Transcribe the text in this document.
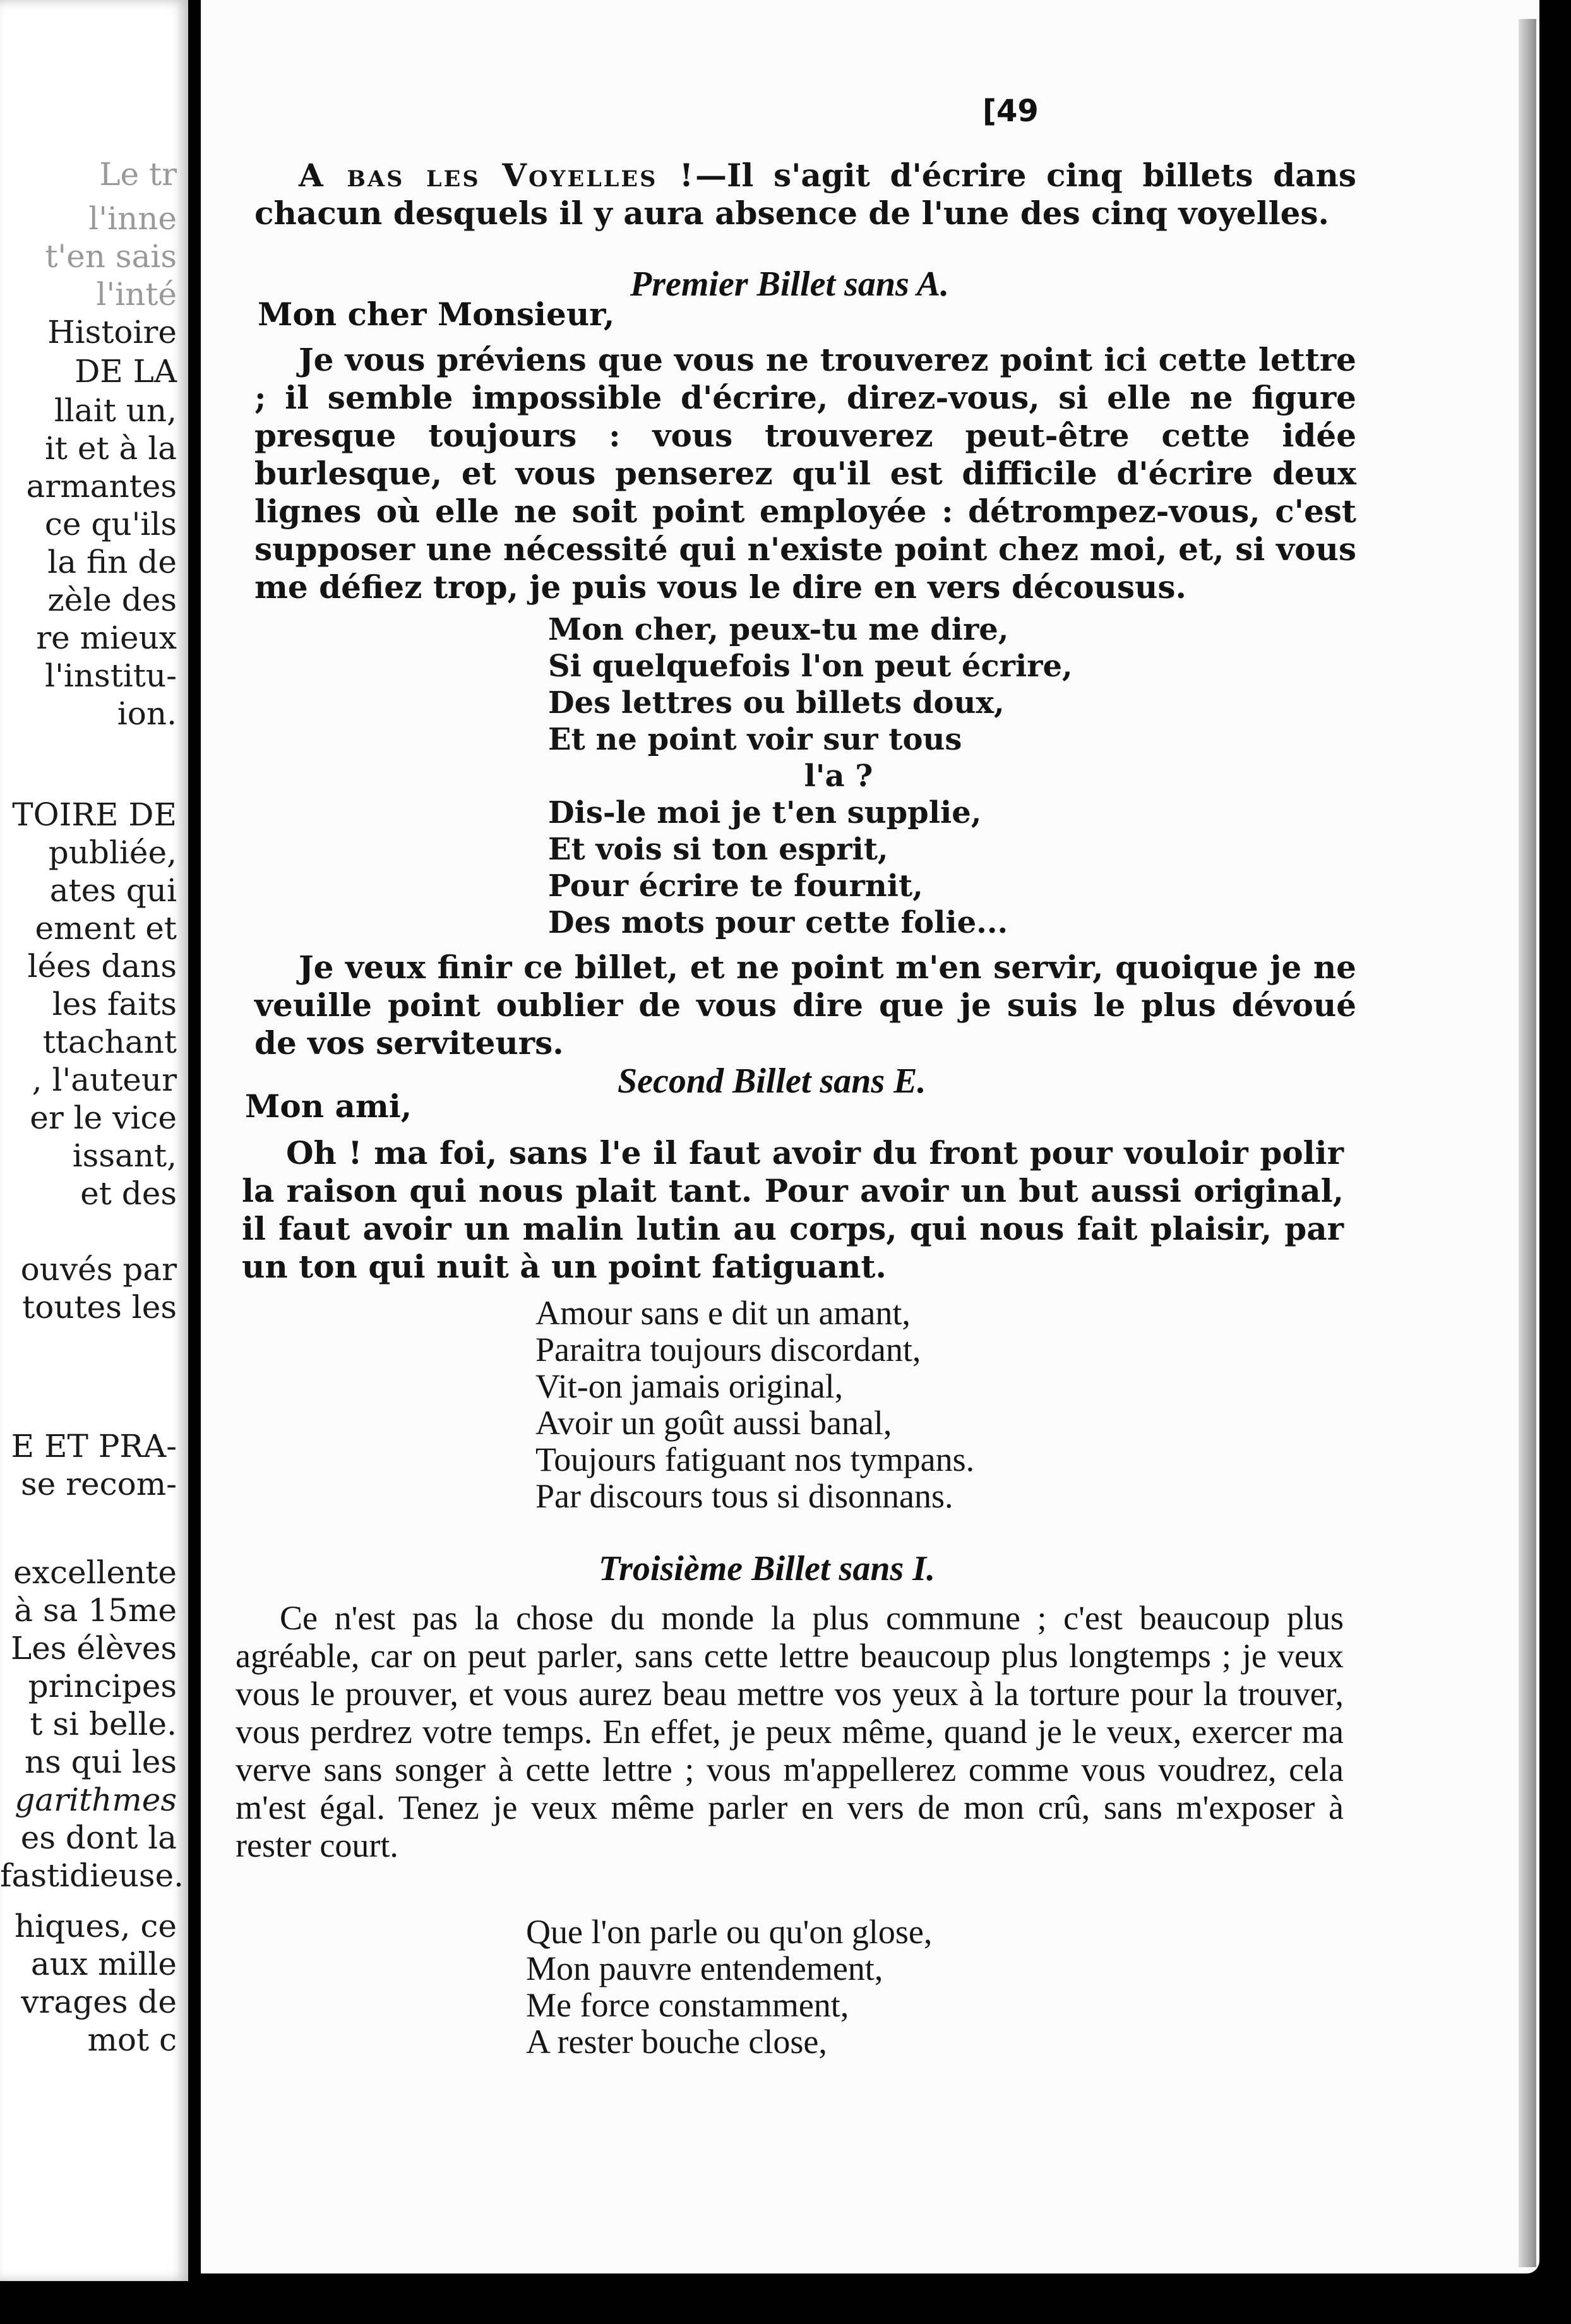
Le tr
l'inne
t'en sais
l'inté
Histoire
DE LA
llait un,
it et à la
armantes
ce qu'ils
la fin de
zèle des
re mieux
l'institu-
ion.
TOIRE DE
publiée,
ates qui
ement et
lées dans
les faits
ttachant
, l'auteur
er le vice
issant,
et des
ouvés par
toutes les
E ET PRA-
se recom-
excellente
à sa 15me
Les élèves
principes
t si belle.
ns qui les
garithmes
es dont la
fastidieuse.
hiques, ce
aux mille
vrages de
mot c
[49

A bas les Voyelles !—Il s'agit d'écrire cinq billets dans chacun desquels il y aura absence de l'une des cinq voyelles.

Premier Billet sans A.
Mon cher Monsieur,

Je vous préviens que vous ne trouverez point ici cette lettre ; il semble impossible d'écrire, direz-vous, si elle ne figure presque toujours : vous trouverez peut-être cette idée burlesque, et vous penserez qu'il est difficile d'écrire deux lignes où elle ne soit point employée : détrompez-vous, c'est supposer une nécessité qui n'existe point chez moi, et, si vous me défiez trop, je puis vous le dire en vers décousus.

Mon cher, peux-tu me dire,
Si quelquefois l'on peut écrire,
Des lettres ou billets doux,
Et ne point voir sur tous
l'a ?
Dis-le moi je t'en supplie,
Et vois si ton esprit,
Pour écrire te fournit,
Des mots pour cette folie...

Je veux finir ce billet, et ne point m'en servir, quoique je ne veuille point oublier de vous dire que je suis le plus dévoué de vos serviteurs.

Second Billet sans E.
Mon ami,

Oh ! ma foi, sans l'e il faut avoir du front pour vouloir polir la raison qui nous plait tant. Pour avoir un but aussi original, il faut avoir un malin lutin au corps, qui nous fait plaisir, par un ton qui nuit à un point fatiguant.

Amour sans e dit un amant,
Paraitra toujours discordant,
Vit-on jamais original,
Avoir un goût aussi banal,
Toujours fatiguant nos tympans.
Par discours tous si disonnans.
Troisième Billet sans I.

Ce n'est pas la chose du monde la plus commune ; c'est beaucoup plus agréable, car on peut parler, sans cette lettre beaucoup plus longtemps ; je veux vous le prouver, et vous aurez beau mettre vos yeux à la torture pour la trouver, vous perdrez votre temps. En effet, je peux même, quand je le veux, exercer ma verve sans songer à cette lettre ; vous m'appellerez comme vous voudrez, cela m'est égal. Tenez je veux même parler en vers de mon crû, sans m'exposer à rester court.

Que l'on parle ou qu'on glose,
Mon pauvre entendement,
Me force constamment,
A rester bouche close,
